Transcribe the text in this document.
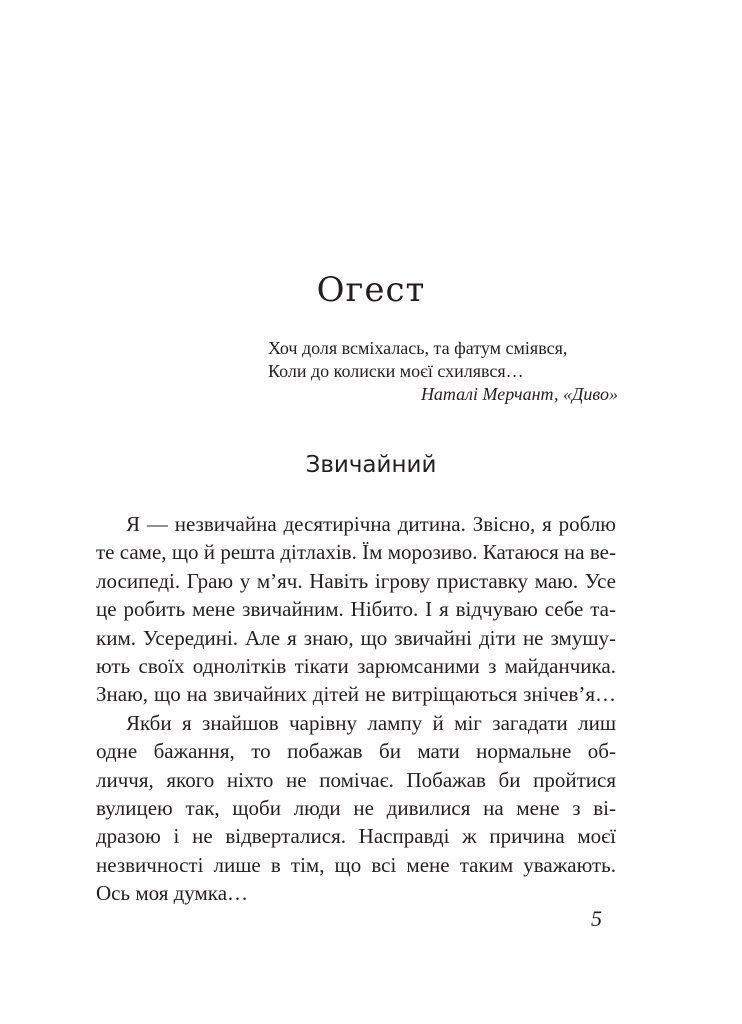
Огест
Хоч доля всміхалась, та фатум сміявся,
Коли до колиски моєї схилявся…
Наталі Мерчант, «Диво»
Звичайний
Я — незвичайна десятирічна дитина. Звісно, я роблю
те саме, що й решта дітлахів. Їм морозиво. Катаюся на ве-
лосипеді. Граю у м’яч. Навіть ігрову приставку маю. Усе
це робить мене звичайним. Нібито. І я відчуваю себе та-
ким. Усередині. Але я знаю, що звичайні діти не змушу-
ють своїх однолітків тікати зарюмсаними з майданчика.
Знаю, що на звичайних дітей не витріщаються знічев’я…
Якби я знайшов чарівну лампу й міг загадати лиш
одне бажання, то побажав би мати нормальне об-
личчя, якого ніхто не помічає. Побажав би пройтися
вулицею так, щоби люди не дивилися на мене з ві-
дразою і не відверталися. Насправді ж причина моєї
незвичності лише в тім, що всі мене таким уважають.
Ось моя думка…
5
